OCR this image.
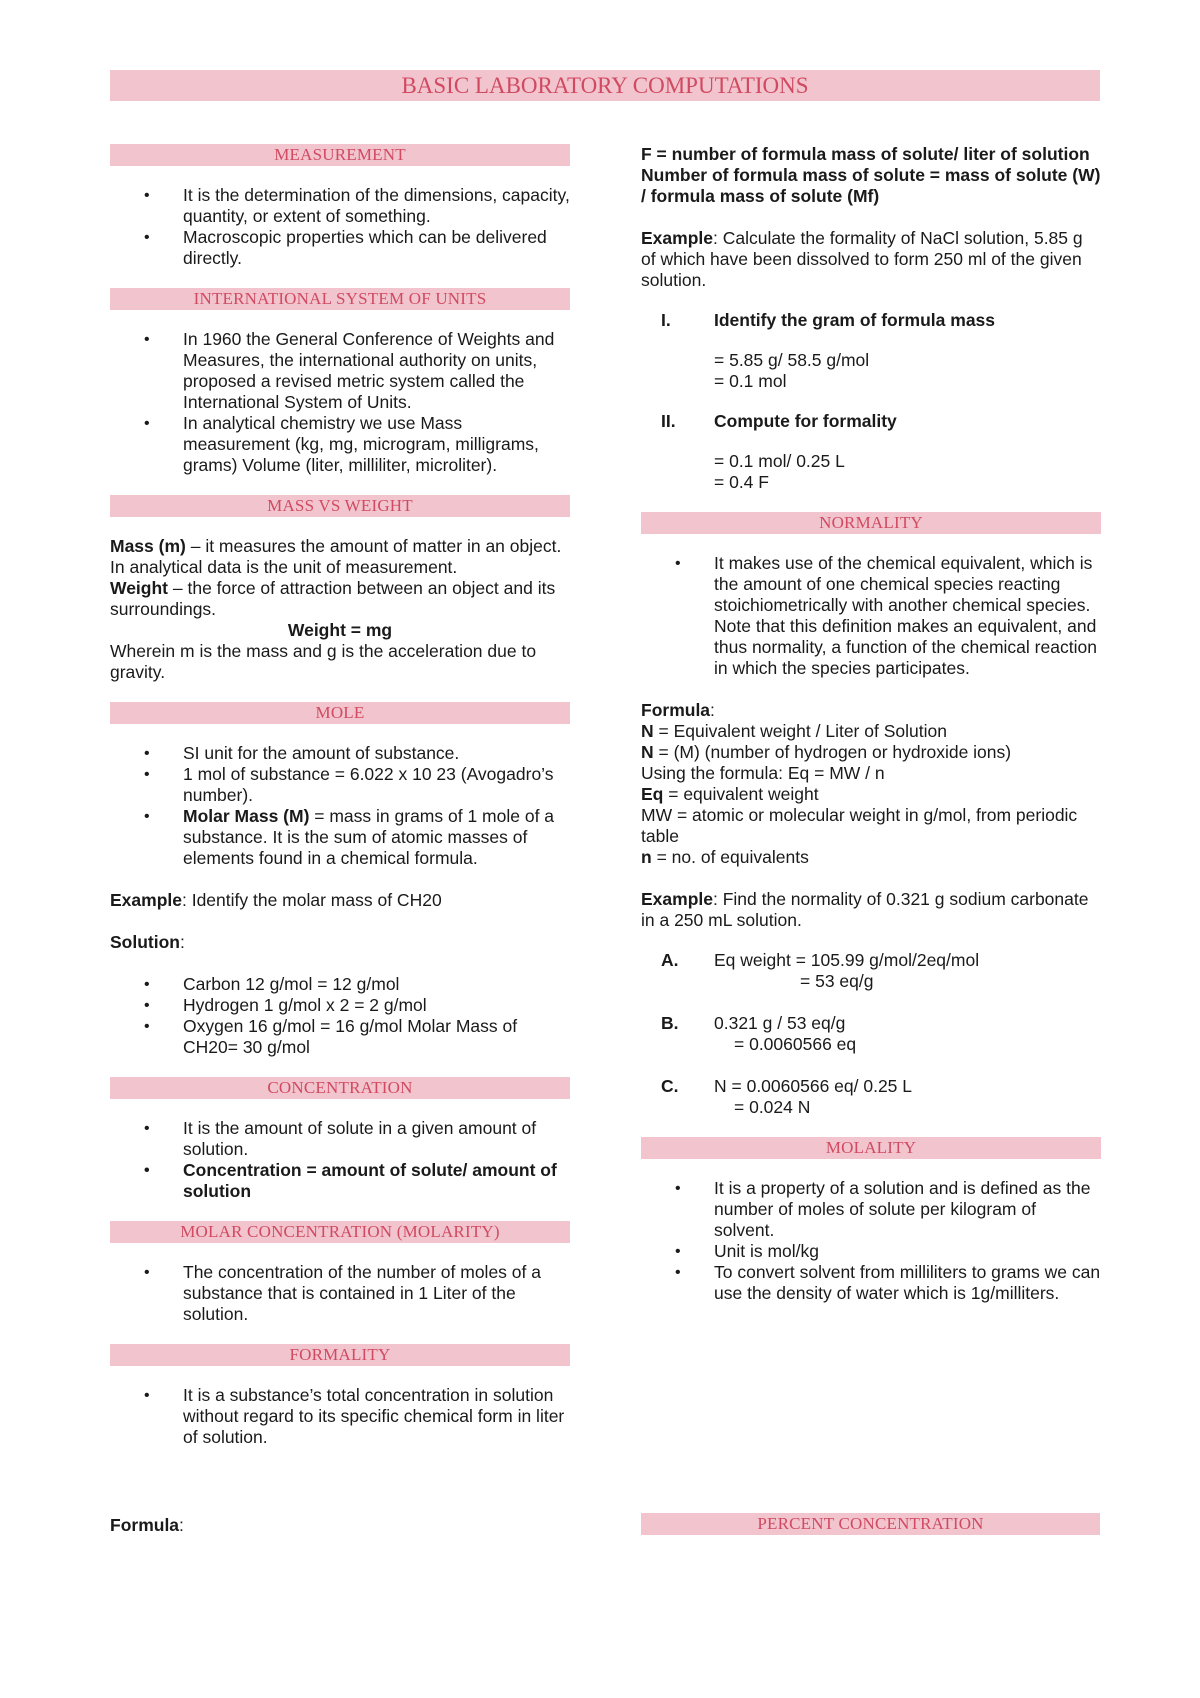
BASIC LABORATORY COMPUTATIONS
MEASUREMENT
• It is the determination of the dimensions, capacity, quantity, or extent of something.
• Macroscopic properties which can be delivered directly.
INTERNATIONAL SYSTEM OF UNITS
• In 1960 the General Conference of Weights and Measures, the international authority on units, proposed a revised metric system called the International System of Units.
• In analytical chemistry we use Mass measurement (kg, mg, microgram, milligrams, grams) Volume (liter, milliliter, microliter).
MASS VS WEIGHT

Mass (m) – it measures the amount of matter in an object. In analytical data is the unit of measurement.

Weight – the force of attraction between an object and its surroundings.

Weight = mg

Wherein m is the mass and g is the acceleration due to gravity.

MOLE
• SI unit for the amount of substance.
• 1 mol of substance = 6.022 x 10 23 (Avogadro’s number).
• Molar Mass (M) = mass in grams of 1 mole of a substance. It is the sum of atomic masses of elements found in a chemical formula.

Example: Identify the molar mass of CH20

Solution:

• Carbon 12 g/mol = 12 g/mol
• Hydrogen 1 g/mol x 2 = 2 g/mol
• Oxygen 16 g/mol = 16 g/mol Molar Mass of CH20= 30 g/mol
CONCENTRATION
• It is the amount of solute in a given amount of solution.
• Concentration = amount of solute/ amount of solution
MOLAR CONCENTRATION (MOLARITY)
• The concentration of the number of moles of a substance that is contained in 1 Liter of the solution.
FORMALITY
• It is a substance’s total concentration in solution without regard to its specific chemical form in liter of solution.

Formula:

F = number of formula mass of solute/ liter of solution

Number of formula mass of solute = mass of solute (W) / formula mass of solute (Mf)

Example: Calculate the formality of NaCl solution, 5.85 g of which have been dissolved to form 250 ml of the given solution.

I.	Identify the gram of formula mass

= 5.85 g/ 58.5 g/mol

= 0.1 mol

II.	Compute for formality

= 0.1 mol/ 0.25 L

= 0.4 F

NORMALITY
• It makes use of the chemical equivalent, which is the amount of one chemical species reacting stoichiometrically with another chemical species. Note that this definition makes an equivalent, and thus normality, a function of the chemical reaction in which the species participates.

Formula:

N = Equivalent weight / Liter of Solution

N = (M) (number of hydrogen or hydroxide ions)

Using the formula: Eq = MW / n

Eq = equivalent weight

MW = atomic or molecular weight in g/mol, from periodic table

n = no. of equivalents

Example: Find the normality of 0.321 g sodium carbonate in a 250 mL solution.

A.	Eq weight = 105.99 g/mol/2eq/mol

= 53 eq/g

B.	0.321 g / 53 eq/g

= 0.0060566 eq

C.	N = 0.0060566 eq/ 0.25 L

= 0.024 N

MOLALITY
• It is a property of a solution and is defined as the number of moles of solute per kilogram of solvent.
• Unit is mol/kg
• To convert solvent from milliliters to grams we can use the density of water which is 1g/milliters.
PERCENT CONCENTRATION
